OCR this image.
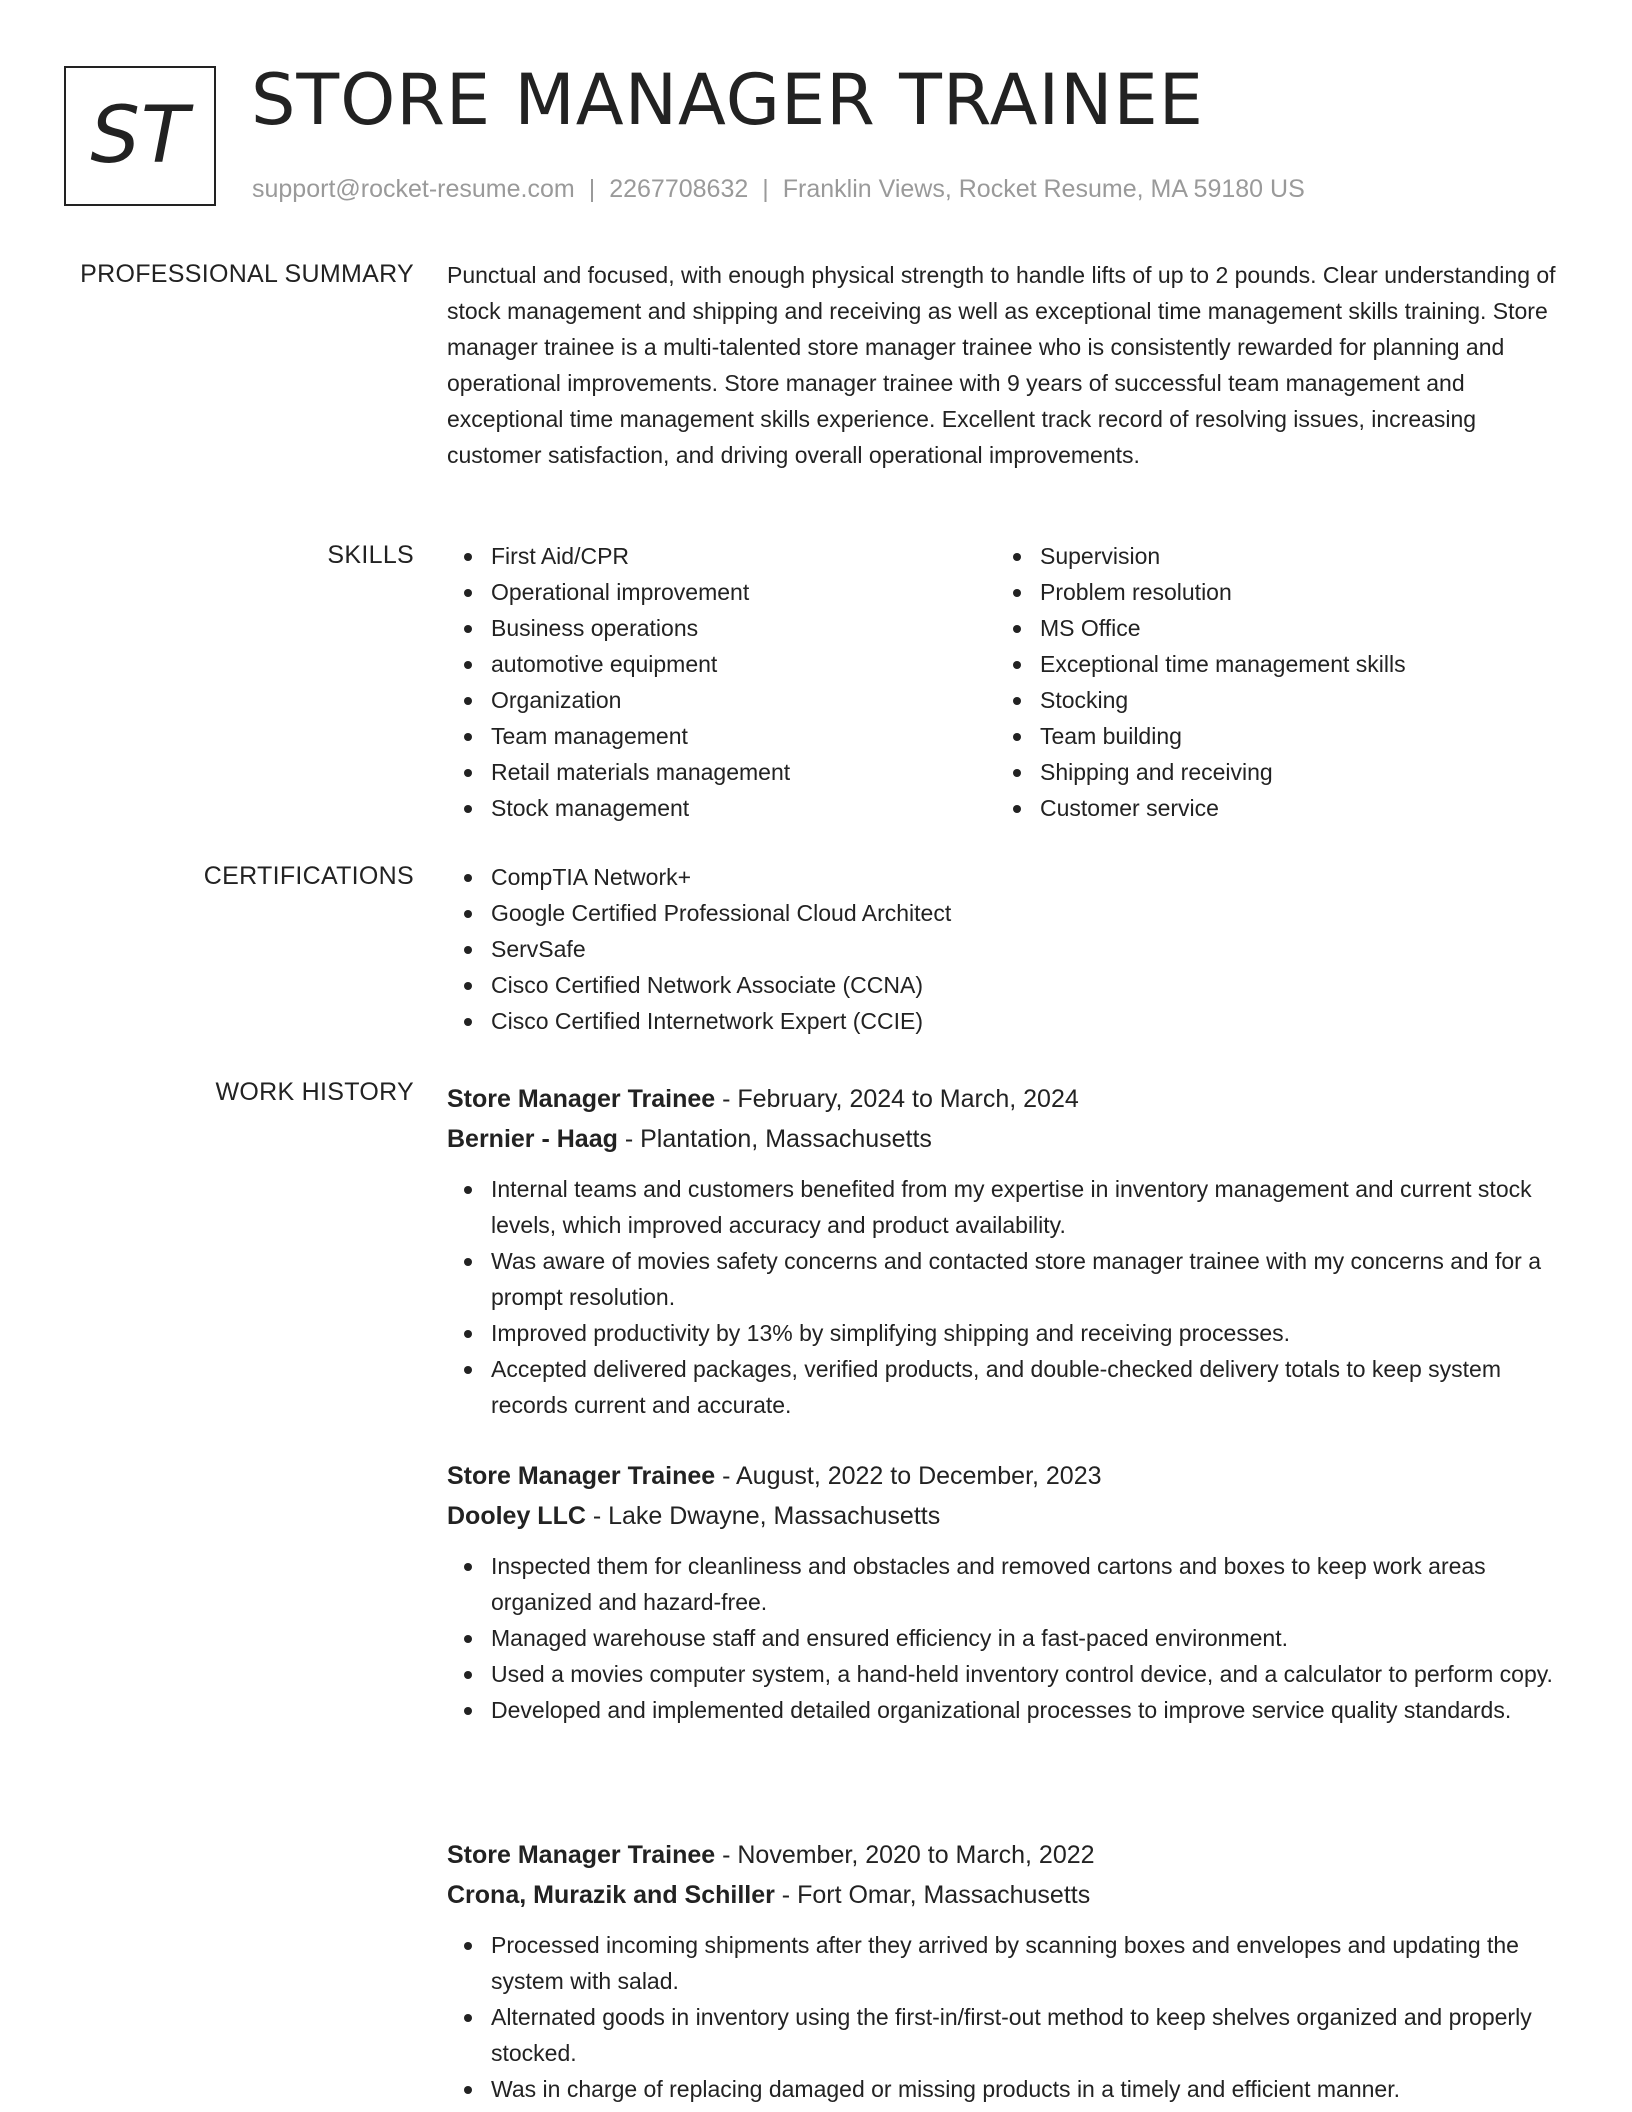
ST STORE MANAGER TRAINEE
support@rocket-resume.com | 2267708632 | Franklin Views, Rocket Resume, MA 59180 US
PROFESSIONAL SUMMARY Punctual and focused, with enough physical strength to handle lifts of up to 2 pounds. Clear understanding of stock management and shipping and receiving as well as exceptional time management skills training. Store manager trainee is a multi-talented store manager trainee who is consistently rewarded for planning and operational improvements. Store manager trainee with 9 years of successful team management and exceptional time management skills experience. Excellent track record of resolving issues, increasing customer satisfaction, and driving overall operational improvements.

SKILLS	First Aid/CPR
Operational improvement
Business operations
automotive equipment
Organization
Team management
Retail materials management
Stock management
Supervision
Problem resolution
MS Office
Exceptional time management skills
Stocking
Team building
Shipping and receiving
Customer service
CERTIFICATIONS	CompTIA Network+
Google Certified Professional Cloud Architect
ServSafe
Cisco Certified Network Associate (CCNA)
Cisco Certified Internetwork Expert (CCIE)
WORK HISTORY Store Manager Trainee - February, 2024 to March, 2024
Bernier - Haag - Plantation, Massachusetts
Internal teams and customers benefited from my expertise in inventory management and current stock levels, which improved accuracy and product availability.
Was aware of movies safety concerns and contacted store manager trainee with my concerns and for a prompt resolution.
Improved productivity by 13% by simplifying shipping and receiving processes.
Accepted delivered packages, verified products, and double-checked delivery totals to keep system records current and accurate.
Store Manager Trainee - August, 2022 to December, 2023
Dooley LLC - Lake Dwayne, Massachusetts
Inspected them for cleanliness and obstacles and removed cartons and boxes to keep work areas organized and hazard-free.
Managed warehouse staff and ensured efficiency in a fast-paced environment.
Used a movies computer system, a hand-held inventory control device, and a calculator to perform copy.
Developed and implemented detailed organizational processes to improve service quality standards.
Store Manager Trainee - November, 2020 to March, 2022
Crona, Murazik and Schiller - Fort Omar, Massachusetts
Processed incoming shipments after they arrived by scanning boxes and envelopes and updating the system with salad.
Alternated goods in inventory using the first-in/first-out method to keep shelves organized and properly stocked.
Was in charge of replacing damaged or missing products in a timely and efficient manner.
